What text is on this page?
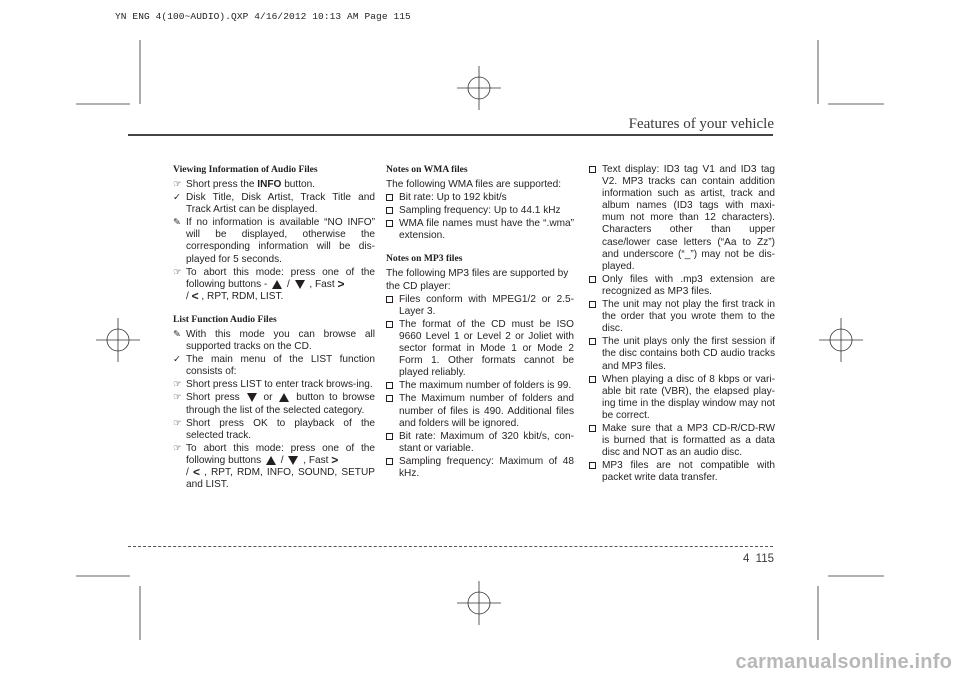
YN ENG 4(100~AUDIO).QXP 4/16/2012 10:13 AM Page 115
Features of your vehicle
Viewing Information of Audio Files
☞ Short press the INFO button.
✓ Disk Title, Disk Artist, Track Title and Track Artist can be displayed.
✎ If no information is available “NO INFO” will be displayed, otherwise the corresponding information will be dis-played for 5 seconds.
☞ To abort this mode: press one of the following buttons -  /  , Fast >
/ < , RPT, RDM, LIST.
List Function Audio Files
✎ With this mode you can browse all supported tracks on the CD.
✓ The main menu of the LIST function consists of:
☞ Short press LIST to enter track brows-ing.
☞ Short press  or  button to browse through the list of the selected category.
☞ Short press OK to playback of the selected track.
☞ To abort this mode: press one of the following buttons  /  , Fast >
/ < , RPT, RDM, INFO, SOUND, SETUP and LIST.
Notes on WMA files
The following WMA files are supported:
Bit rate: Up to 192 kbit/s
Sampling frequency: Up to 44.1 kHz
WMA file names must have the “.wma” extension.
Notes on MP3 files
The following MP3 files are supported by the CD player:
Files conform with MPEG1/2 or 2.5-Layer 3.
The format of the CD must be ISO 9660 Level 1 or Level 2 or Joliet with sector format in Mode 1 or Mode 2 Form 1. Other formats cannot be played reliably.
The maximum number of folders is 99.
The Maximum number of folders and number of files is 490. Additional files and folders will be ignored.
Bit rate: Maximum of 320 kbit/s, con-stant or variable.
Sampling frequency: Maximum of 48 kHz.
Text display: ID3 tag V1 and ID3 tag V2. MP3 tracks can contain addition information such as artist, track and album names (ID3 tags with maxi-mum not more than 12 characters). Characters other than upper case/lower case letters (“Aa to Zz”) and underscore (“_”) may not be dis-played.
Only files with .mp3 extension are recognized as MP3 files.
The unit may not play the first track in the order that you wrote them to the disc.
The unit plays only the first session if the disc contains both CD audio tracks and MP3 files.
When playing a disc of 8 kbps or vari-able bit rate (VBR), the elapsed play-ing time in the display window may not be correct.
Make sure that a MP3 CD-R/CD-RW is burned that is formatted as a data disc and NOT as an audio disc.
MP3 files are not compatible with packet write data transfer.
4 115
carmanualsonline.info
